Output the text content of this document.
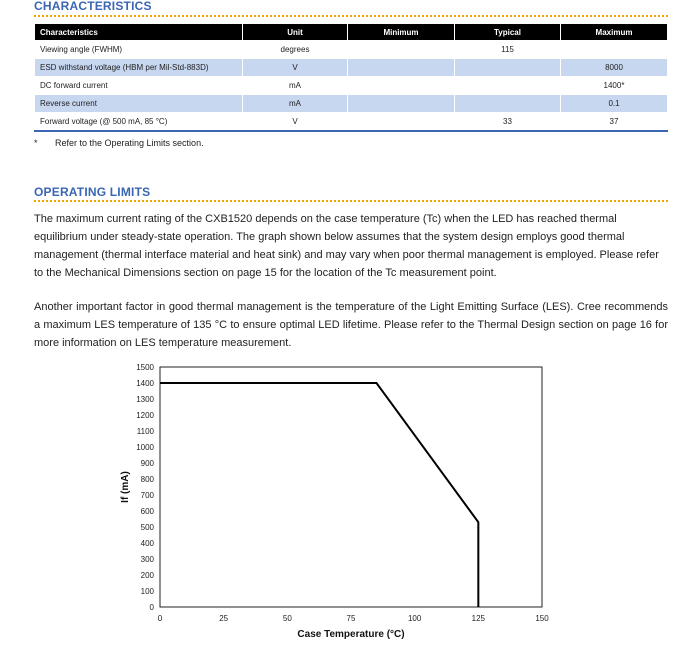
CHARACTERISTICS
Characteristics	Unit	Minimum	Typical	Maximum
Viewing angle (FWHM)	degrees		115	
ESD withstand voltage (HBM per Mil-Std-883D)	V			8000
DC forward current	mA			1400*
Reverse current	mA			0.1
Forward voltage (@ 500 mA, 85 °C)	V		33	37
* Refer to the Operating Limits section.
OPERATING LIMITS

The maximum current rating of the CXB1520 depends on the case temperature (Tc) when the LED has reached thermal equilibrium under steady-state operation. The graph shown below assumes that the system design employs good thermal management (thermal interface material and heat sink) and may vary when poor thermal management is employed. Please refer to the Mechanical Dimensions section on page 15 for the location of the Tc measurement point.

Another important factor in good thermal management is the temperature of the Light Emitting Surface (LES). Cree recommends a maximum LES temperature of 135 °C to ensure optimal LED lifetime. Please refer to the Thermal Design section on page 16 for more information on LES temperature measurement.

0
100
200
300
400
500
600
700
800
900
1000
1100
1200
1300
1400
1500
0	25	50	75	100	125	150
Case Temperature (°C)
If (mA)
